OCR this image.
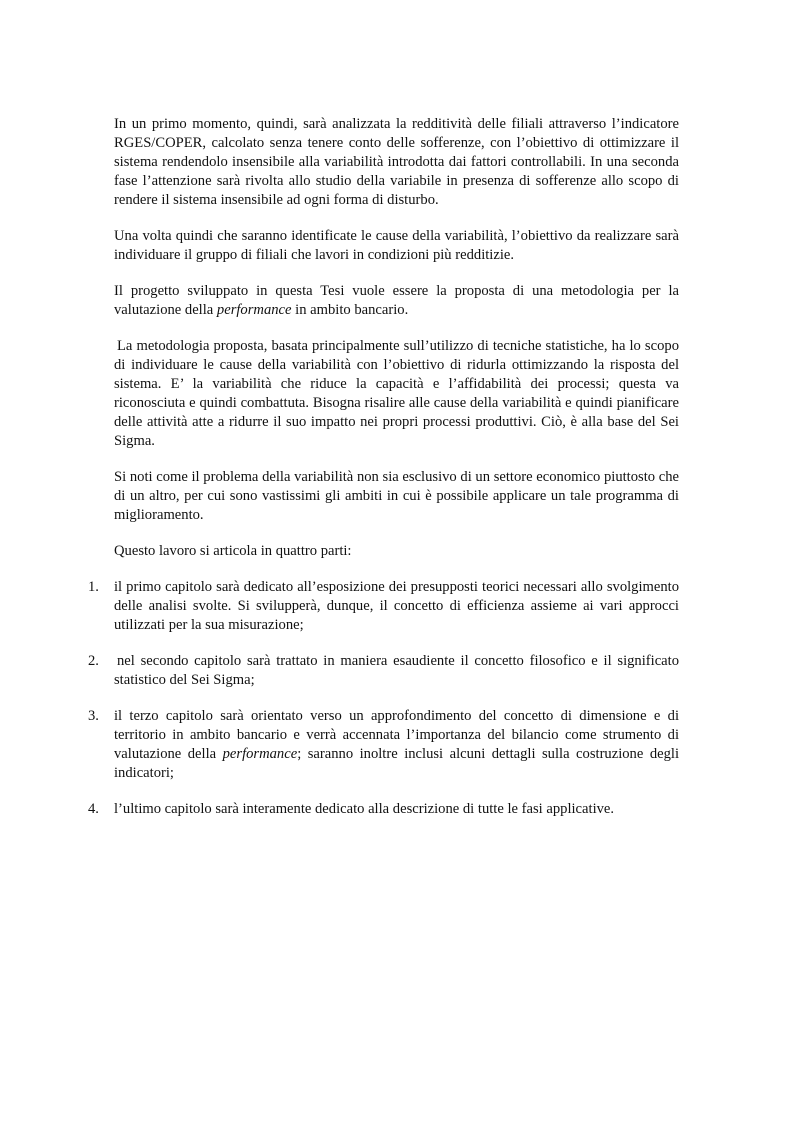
In un primo momento, quindi, sarà analizzata la redditività delle filiali attraverso l’indicatore RGES/COPER, calcolato senza tenere conto delle sofferenze, con l’obiettivo di ottimizzare il sistema rendendolo insensibile alla variabilità introdotta dai fattori controllabili. In una seconda fase l’attenzione sarà rivolta allo studio della variabile in presenza di sofferenze allo scopo di rendere il sistema insensibile ad ogni forma di disturbo.

Una volta quindi che saranno identificate le cause della variabilità, l’obiettivo da realizzare sarà individuare il gruppo di filiali che lavori in condizioni più redditizie.

Il progetto sviluppato in questa Tesi vuole essere la proposta di una metodologia per la valutazione della performance in ambito bancario.

La metodologia proposta, basata principalmente sull’utilizzo di tecniche statistiche, ha lo scopo di individuare le cause della variabilità con l’obiettivo di ridurla ottimizzando la risposta del sistema. E’ la variabilità che riduce la capacità e l’affidabilità dei processi; questa va riconosciuta e quindi combattuta. Bisogna risalire alle cause della variabilità e quindi pianificare delle attività atte a ridurre il suo impatto nei propri processi produttivi. Ciò, è alla base del Sei Sigma.

Si noti come il problema della variabilità non sia esclusivo di un settore economico piuttosto che di un altro, per cui sono vastissimi gli ambiti in cui è possibile applicare un tale programma di miglioramento.

Questo lavoro si articola in quattro parti:

1.	il primo capitolo sarà dedicato all’esposizione dei presupposti teorici necessari allo svolgimento delle analisi svolte. Si svilupperà, dunque, il concetto di efficienza assieme ai vari approcci utilizzati per la sua misurazione;
2.	nel secondo capitolo sarà trattato in maniera esaudiente il concetto filosofico e il significato statistico del Sei Sigma;
3.	il terzo capitolo sarà orientato verso un approfondimento del concetto di dimensione e di territorio in ambito bancario e verrà accennata l’importanza del bilancio come strumento di valutazione della performance; saranno inoltre inclusi alcuni dettagli sulla costruzione degli indicatori;
4.	l’ultimo capitolo sarà interamente dedicato alla descrizione di tutte le fasi applicative.
